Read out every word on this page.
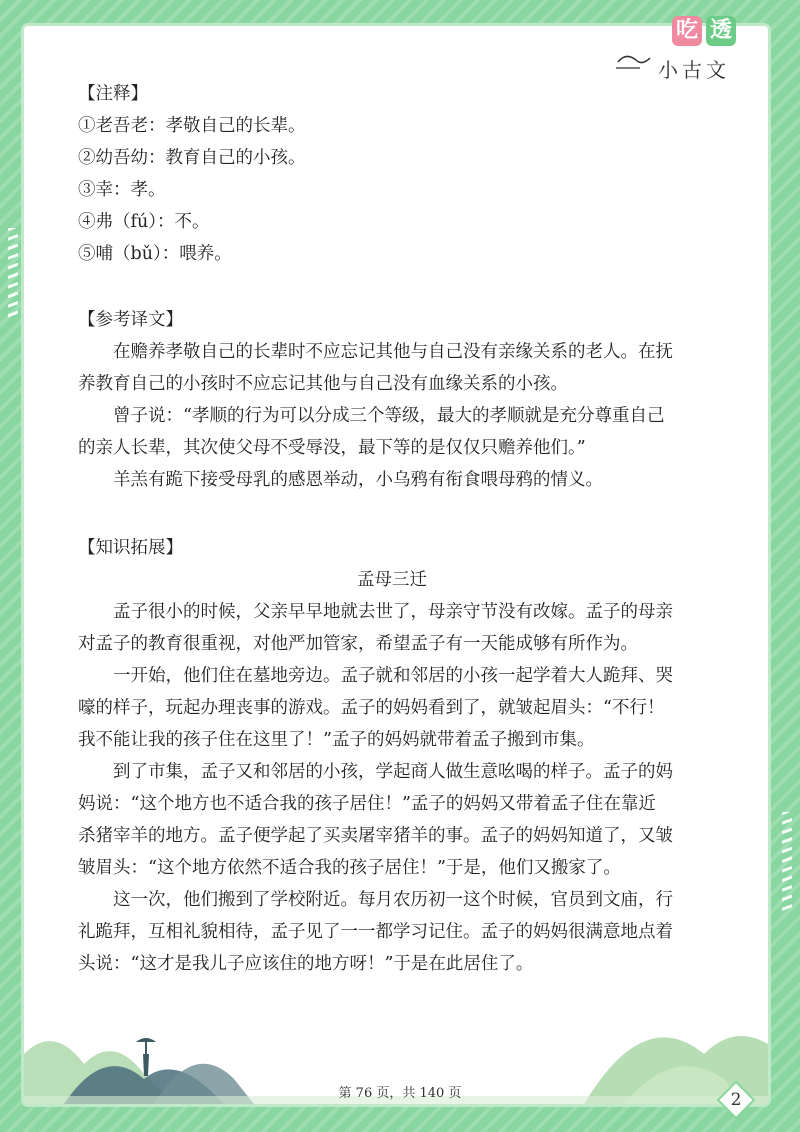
吃 透
小古文

【注释】

①老吾老：孝敬自己的长辈。

②幼吾幼：教育自己的小孩。

③幸：孝。

④弗（fú）：不。

⑤哺（bǔ）：喂养。

【参考译文】

在赡养孝敬自己的长辈时不应忘记其他与自己没有亲缘关系的老人。在抚

养教育自己的小孩时不应忘记其他与自己没有血缘关系的小孩。

曾子说：“孝顺的行为可以分成三个等级，最大的孝顺就是充分尊重自己

的亲人长辈，其次使父母不受辱没，最下等的是仅仅只赡养他们。”

羊羔有跪下接受母乳的感恩举动，小乌鸦有衔食喂母鸦的情义。

【知识拓展】

孟母三迁

孟子很小的时候，父亲早早地就去世了，母亲守节没有改嫁。孟子的母亲

对孟子的教育很重视，对他严加管家，希望孟子有一天能成够有所作为。

一开始，他们住在墓地旁边。孟子就和邻居的小孩一起学着大人跪拜、哭

嚎的样子，玩起办理丧事的游戏。孟子的妈妈看到了，就皱起眉头：“不行！

我不能让我的孩子住在这里了！”孟子的妈妈就带着孟子搬到市集。

到了市集，孟子又和邻居的小孩，学起商人做生意吆喝的样子。孟子的妈

妈说：“这个地方也不适合我的孩子居住！”孟子的妈妈又带着孟子住在靠近

杀猪宰羊的地方。孟子便学起了买卖屠宰猪羊的事。孟子的妈妈知道了，又皱

皱眉头：“这个地方依然不适合我的孩子居住！”于是，他们又搬家了。

这一次，他们搬到了学校附近。每月农历初一这个时候，官员到文庙，行

礼跪拜，互相礼貌相待，孟子见了一一都学习记住。孟子的妈妈很满意地点着

头说：“这才是我儿子应该住的地方呀！”于是在此居住了。

第 76 页，共 140 页	2
